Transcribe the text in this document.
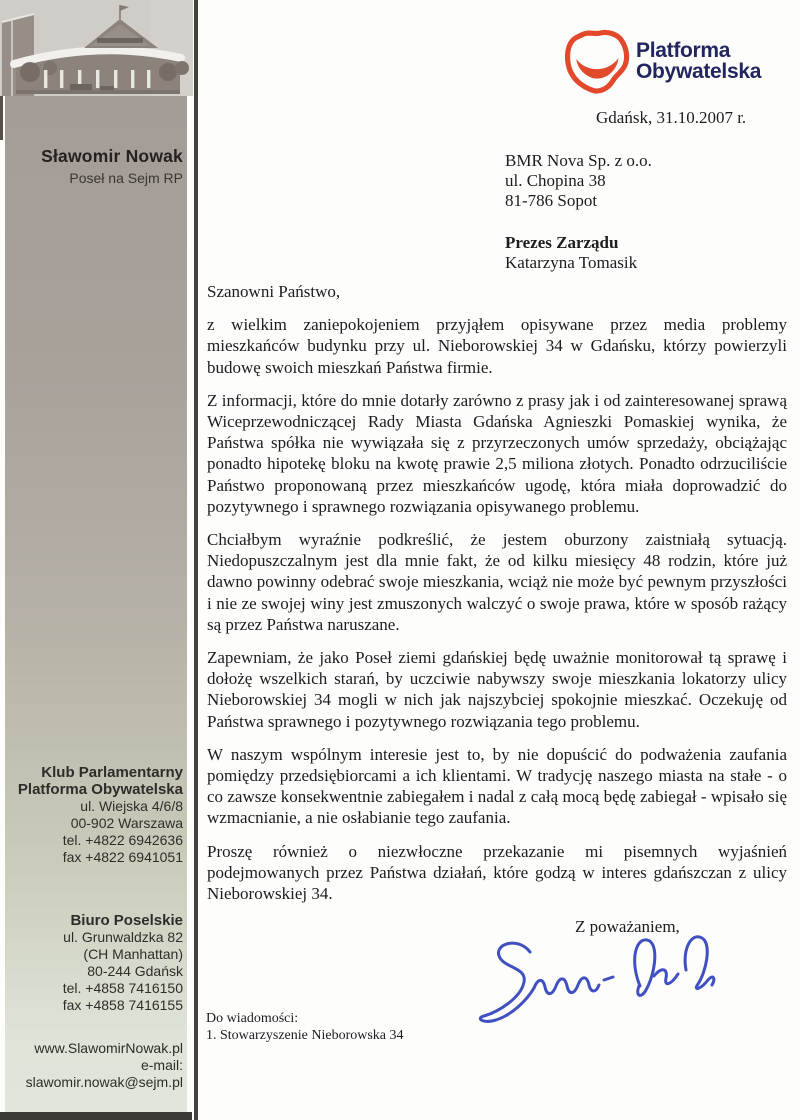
Sławomir Nowak
Poseł na Sejm RP
Klub Parlamentarny
Platforma Obywatelska
ul. Wiejska 4/6/8
00-902 Warszawa
tel. +4822 6942636
fax +4822 6941051
Biuro Poselskie
ul. Grunwaldzka 82
(CH Manhattan)
80-244 Gdańsk
tel. +4858 7416150
fax +4858 7416155
www.SlawomirNowak.pl
e-mail:
slawomir.nowak@sejm.pl
Platforma
Obywatelska
Gdańsk, 31.10.2007 r.
BMR Nova Sp. z o.o.
ul. Chopina 38
81-786 Sopot
Prezes Zarządu
Katarzyna Tomasik

Szanowni Państwo,

z wielkim zaniepokojeniem przyjąłem opisywane przez media problemy mieszkańców budynku przy ul. Nieborowskiej 34 w Gdańsku, którzy powierzyli budowę swoich mieszkań Państwa firmie.

Z informacji, które do mnie dotarły zarówno z prasy jak i od zainteresowanej sprawą Wiceprzewodniczącej Rady Miasta Gdańska Agnieszki Pomaskiej wynika, że Państwa spółka nie wywiązała się z przyrzeczonych umów sprzedaży, obciążając ponadto hipotekę bloku na kwotę prawie 2,5 miliona złotych. Ponadto odrzuciliście Państwo proponowaną przez mieszkańców ugodę, która miała doprowadzić do pozytywnego i sprawnego rozwiązania opisywanego problemu.

Chciałbym wyraźnie podkreślić, że jestem oburzony zaistniałą sytuacją. Niedopuszczalnym jest dla mnie fakt, że od kilku miesięcy 48 rodzin, które już dawno powinny odebrać swoje mieszkania, wciąż nie może być pewnym przyszłości i nie ze swojej winy jest zmuszonych walczyć o swoje prawa, które w sposób rażący są przez Państwa naruszane.

Zapewniam, że jako Poseł ziemi gdańskiej będę uważnie monitorował tą sprawę i dołożę wszelkich starań, by uczciwie nabywszy swoje mieszkania lokatorzy ulicy Nieborowskiej 34 mogli w nich jak najszybciej spokojnie mieszkać. Oczekuję od Państwa sprawnego i pozytywnego rozwiązania tego problemu.

W naszym wspólnym interesie jest to, by nie dopuścić do podważenia zaufania pomiędzy przedsiębiorcami a ich klientami. W tradycję naszego miasta na stałe - o co zawsze konsekwentnie zabiegałem i nadal z całą mocą będę zabiegał - wpisało się wzmacnianie, a nie osłabianie tego zaufania.

Proszę również o niezwłoczne przekazanie mi pisemnych wyjaśnień podejmowanych przez Państwa działań, które godzą w interes gdańszczan z ulicy Nieborowskiej 34.

Z poważaniem,

Do wiadomości:
1. Stowarzyszenie Nieborowska 34
